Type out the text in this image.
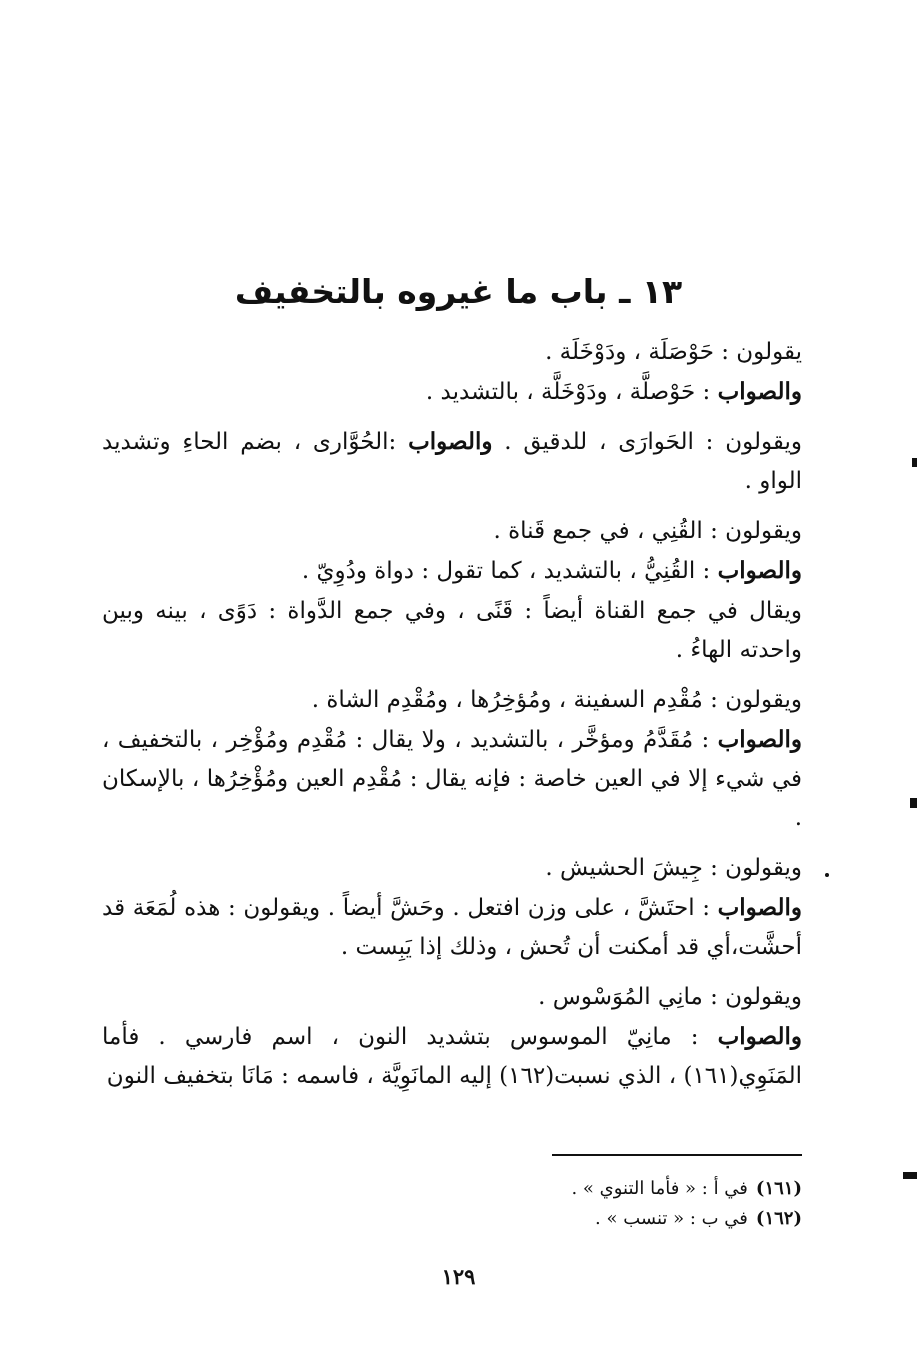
١٣ ـ باب ما غيروه بالتخفيف

يقولون : حَوْصَلَة ، ودَوْخَلَة .

والصواب : حَوْصلَّة ، ودَوْخَلَّة ، بالتشديد .

ويقولون : الحَوارَى ، للدقيق . والصواب :الحُوَّارى ، بضم الحاءِ وتشديد الواو .

ويقولون : القُنِي ، في جمع قَناة .

والصواب : القُنِيُّ ، بالتشديد ، كما تقول : دواة ودُوِيّ .

ويقال في جمع القناة أيضاً : قَنًى ، وفي جمع الدَّواة : دَوًى ، بينه وبين واحدته الهاءُ .

ويقولون : مُقْدِم السفينة ، ومُؤخِرُها ، ومُقْدِم الشاة .

والصواب : مُقَدَّمُ ومؤخَّر ، بالتشديد ، ولا يقال : مُقْدِم ومُؤْخِر ، بالتخفيف ، في شيء إلا في العين خاصة : فإنه يقال : مُقْدِم العين ومُؤْخِرُها ، بالإسكان .

ويقولون : جِيشَ الحشيش .

والصواب : احتَشَّ ، على وزن افتعل . وحَشَّ أيضاً . ويقولون : هذه لُمَعَة قد أحشَّت،أي قد أمكنت أن تُحش ، وذلك إذا يَبِست .

ويقولون : مانِي المُوَسْوس .

والصواب : مانِيّ الموسوس بتشديد النون ، اسم فارسي . فأما المَنَوِي(١٦١) ، الذي نسبت(١٦٢) إليه المانَوِيَّة ، فاسمه : مَانَا بتخفيف النون

(١٦١)في أ : « فأما التنوي » .

(١٦٢)في ب : « تنسب » .

١٢٩
